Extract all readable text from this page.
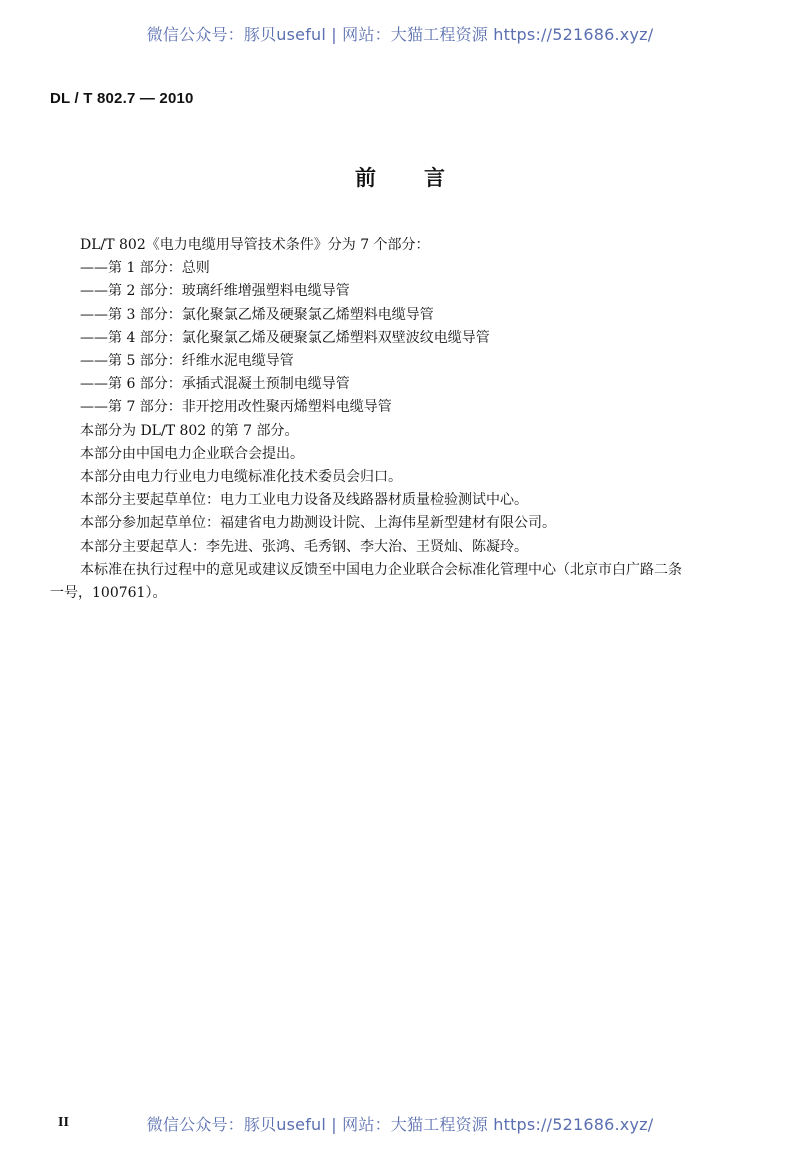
微信公众号：豚贝useful | 网站：大猫工程资源 https://521686.xyz/
DL / T 802.7 — 2010
前言
DL/T 802《电力电缆用导管技术条件》分为 7 个部分：
——第 1 部分：总则
——第 2 部分：玻璃纤维增强塑料电缆导管
——第 3 部分：氯化聚氯乙烯及硬聚氯乙烯塑料电缆导管
——第 4 部分：氯化聚氯乙烯及硬聚氯乙烯塑料双壁波纹电缆导管
——第 5 部分：纤维水泥电缆导管
——第 6 部分：承插式混凝土预制电缆导管
——第 7 部分：非开挖用改性聚丙烯塑料电缆导管
本部分为 DL/T 802 的第 7 部分。
本部分由中国电力企业联合会提出。
本部分由电力行业电力电缆标准化技术委员会归口。
本部分主要起草单位：电力工业电力设备及线路器材质量检验测试中心。
本部分参加起草单位：福建省电力勘测设计院、上海伟星新型建材有限公司。
本部分主要起草人：李先进、张鸿、毛秀钢、李大治、王贤灿、陈凝玲。
本标准在执行过程中的意见或建议反馈至中国电力企业联合会标准化管理中心（北京市白广路二条
一号，100761）。
II	微信公众号：豚贝useful | 网站：大猫工程资源 https://521686.xyz/
